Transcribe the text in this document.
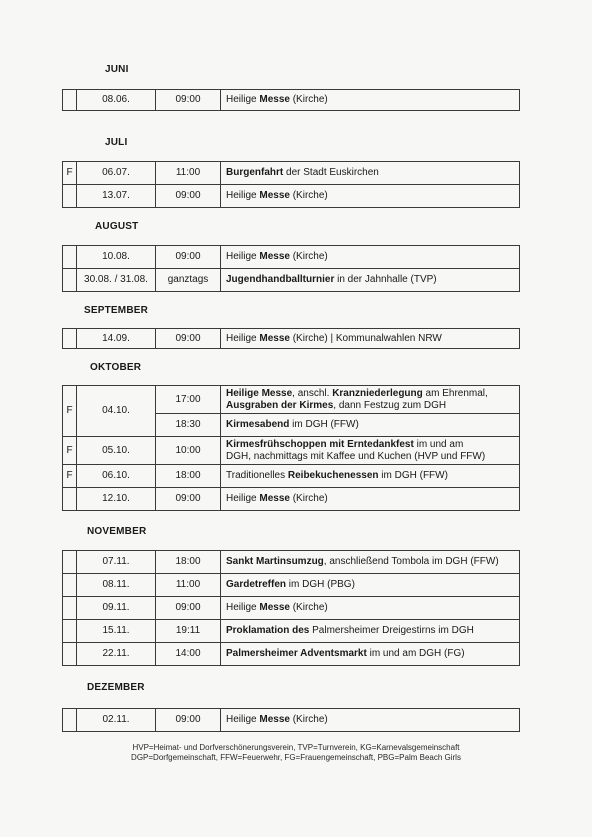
JUNI
	08.06.	09:00	Heilige Messe (Kirche)
JULI
F	06.07.	11:00	Burgenfahrt der Stadt Euskirchen
	13.07.	09:00	Heilige Messe (Kirche)
AUGUST
	10.08.	09:00	Heilige Messe (Kirche)
	30.08. / 31.08.	ganztags	Jugendhandballturnier in der Jahnhalle (TVP)
SEPTEMBER
	14.09.	09:00	Heilige Messe (Kirche) | Kommunalwahlen NRW
OKTOBER
F	04.10.	17:00	Heilige Messe, anschl. Kranzniederlegung am Ehrenmal,
Ausgraben der Kirmes, dann Festzug zum DGH

		18:30	Kirmesabend im DGH (FFW)
F	05.10.	10:00	Kirmesfrühschoppen mit Erntedankfest im und am
DGH, nachmittags mit Kaffee und Kuchen (HVP und FFW)

F	06.10.	18:00	Traditionelles Reibekuchenessen im DGH (FFW)
	12.10.	09:00	Heilige Messe (Kirche)
NOVEMBER
	07.11.	18:00	Sankt Martinsumzug, anschließend Tombola im DGH (FFW)
	08.11.	11:00	Gardetreffen im DGH (PBG)
	09.11.	09:00	Heilige Messe (Kirche)
	15.11.	19:11	Proklamation des Palmersheimer Dreigestirns im DGH
	22.11.	14:00	Palmersheimer Adventsmarkt im und am DGH (FG)
DEZEMBER
	02.11.	09:00	Heilige Messe (Kirche)
HVP=Heimat- und Dorfverschönerungsverein, TVP=Turnverein, KG=Karnevalsgemeinschaft
DGP=Dorfgemeinschaft, FFW=Feuerwehr, FG=Frauengemeinschaft, PBG=Palm Beach Girls
